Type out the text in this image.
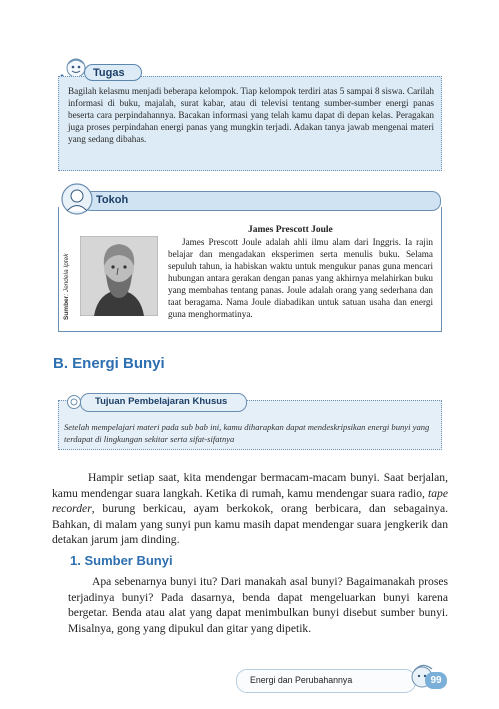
Tugas
Bagilah kelasmu menjadi beberapa kelompok. Tiap kelompok terdiri atas 5 sampai 8 siswa. Carilah informasi di buku, majalah, surat kabar, atau di televisi tentang sumber-sumber energi panas beserta cara perpindahannya. Bacakan informasi yang telah kamu dapat di depan kelas. Peragakan juga proses perpindahan energi panas yang mungkin terjadi. Adakan tanya jawab mengenai materi yang sedang dibahas.
Tokoh
James Prescott Joule
Sumber: Jendela Iptek
James Prescott Joule adalah ahli ilmu alam dari Inggris. Ia rajin belajar dan mengadakan eksperimen serta menulis buku. Selama sepuluh tahun, ia habiskan waktu untuk mengukur panas guna mencari hubungan antara gerakan dengan panas yang akhirnya melahirkan buku yang membahas tentang panas. Joule adalah orang yang sederhana dan taat beragama. Nama Joule diabadikan untuk satuan usaha dan energi guna menghormatinya.
B. Energi Bunyi
Tujuan Pembelajaran Khusus
Setelah mempelajari materi pada sub bab ini, kamu diharapkan dapat mendeskripsikan energi bunyi yang terdapat di lingkungan sekitar serta sifat-sifatnya

Hampir setiap saat, kita mendengar bermacam-macam bunyi. Saat berjalan, kamu mendengar suara langkah. Ketika di rumah, kamu mendengar suara radio, tape recorder, burung berkicau, ayam berkokok, orang berbicara, dan sebagainya. Bahkan, di malam yang sunyi pun kamu masih dapat mendengar suara jengkerik dan detakan jarum jam dinding.

1. Sumber Bunyi

Apa sebenarnya bunyi itu? Dari manakah asal bunyi? Bagaimanakah proses terjadinya bunyi? Pada dasarnya, benda dapat mengeluarkan bunyi karena bergetar. Benda atau alat yang dapat menimbulkan bunyi disebut sumber bunyi. Misalnya, gong yang dipukul dan gitar yang dipetik.

Energi dan Perubahannya	99
